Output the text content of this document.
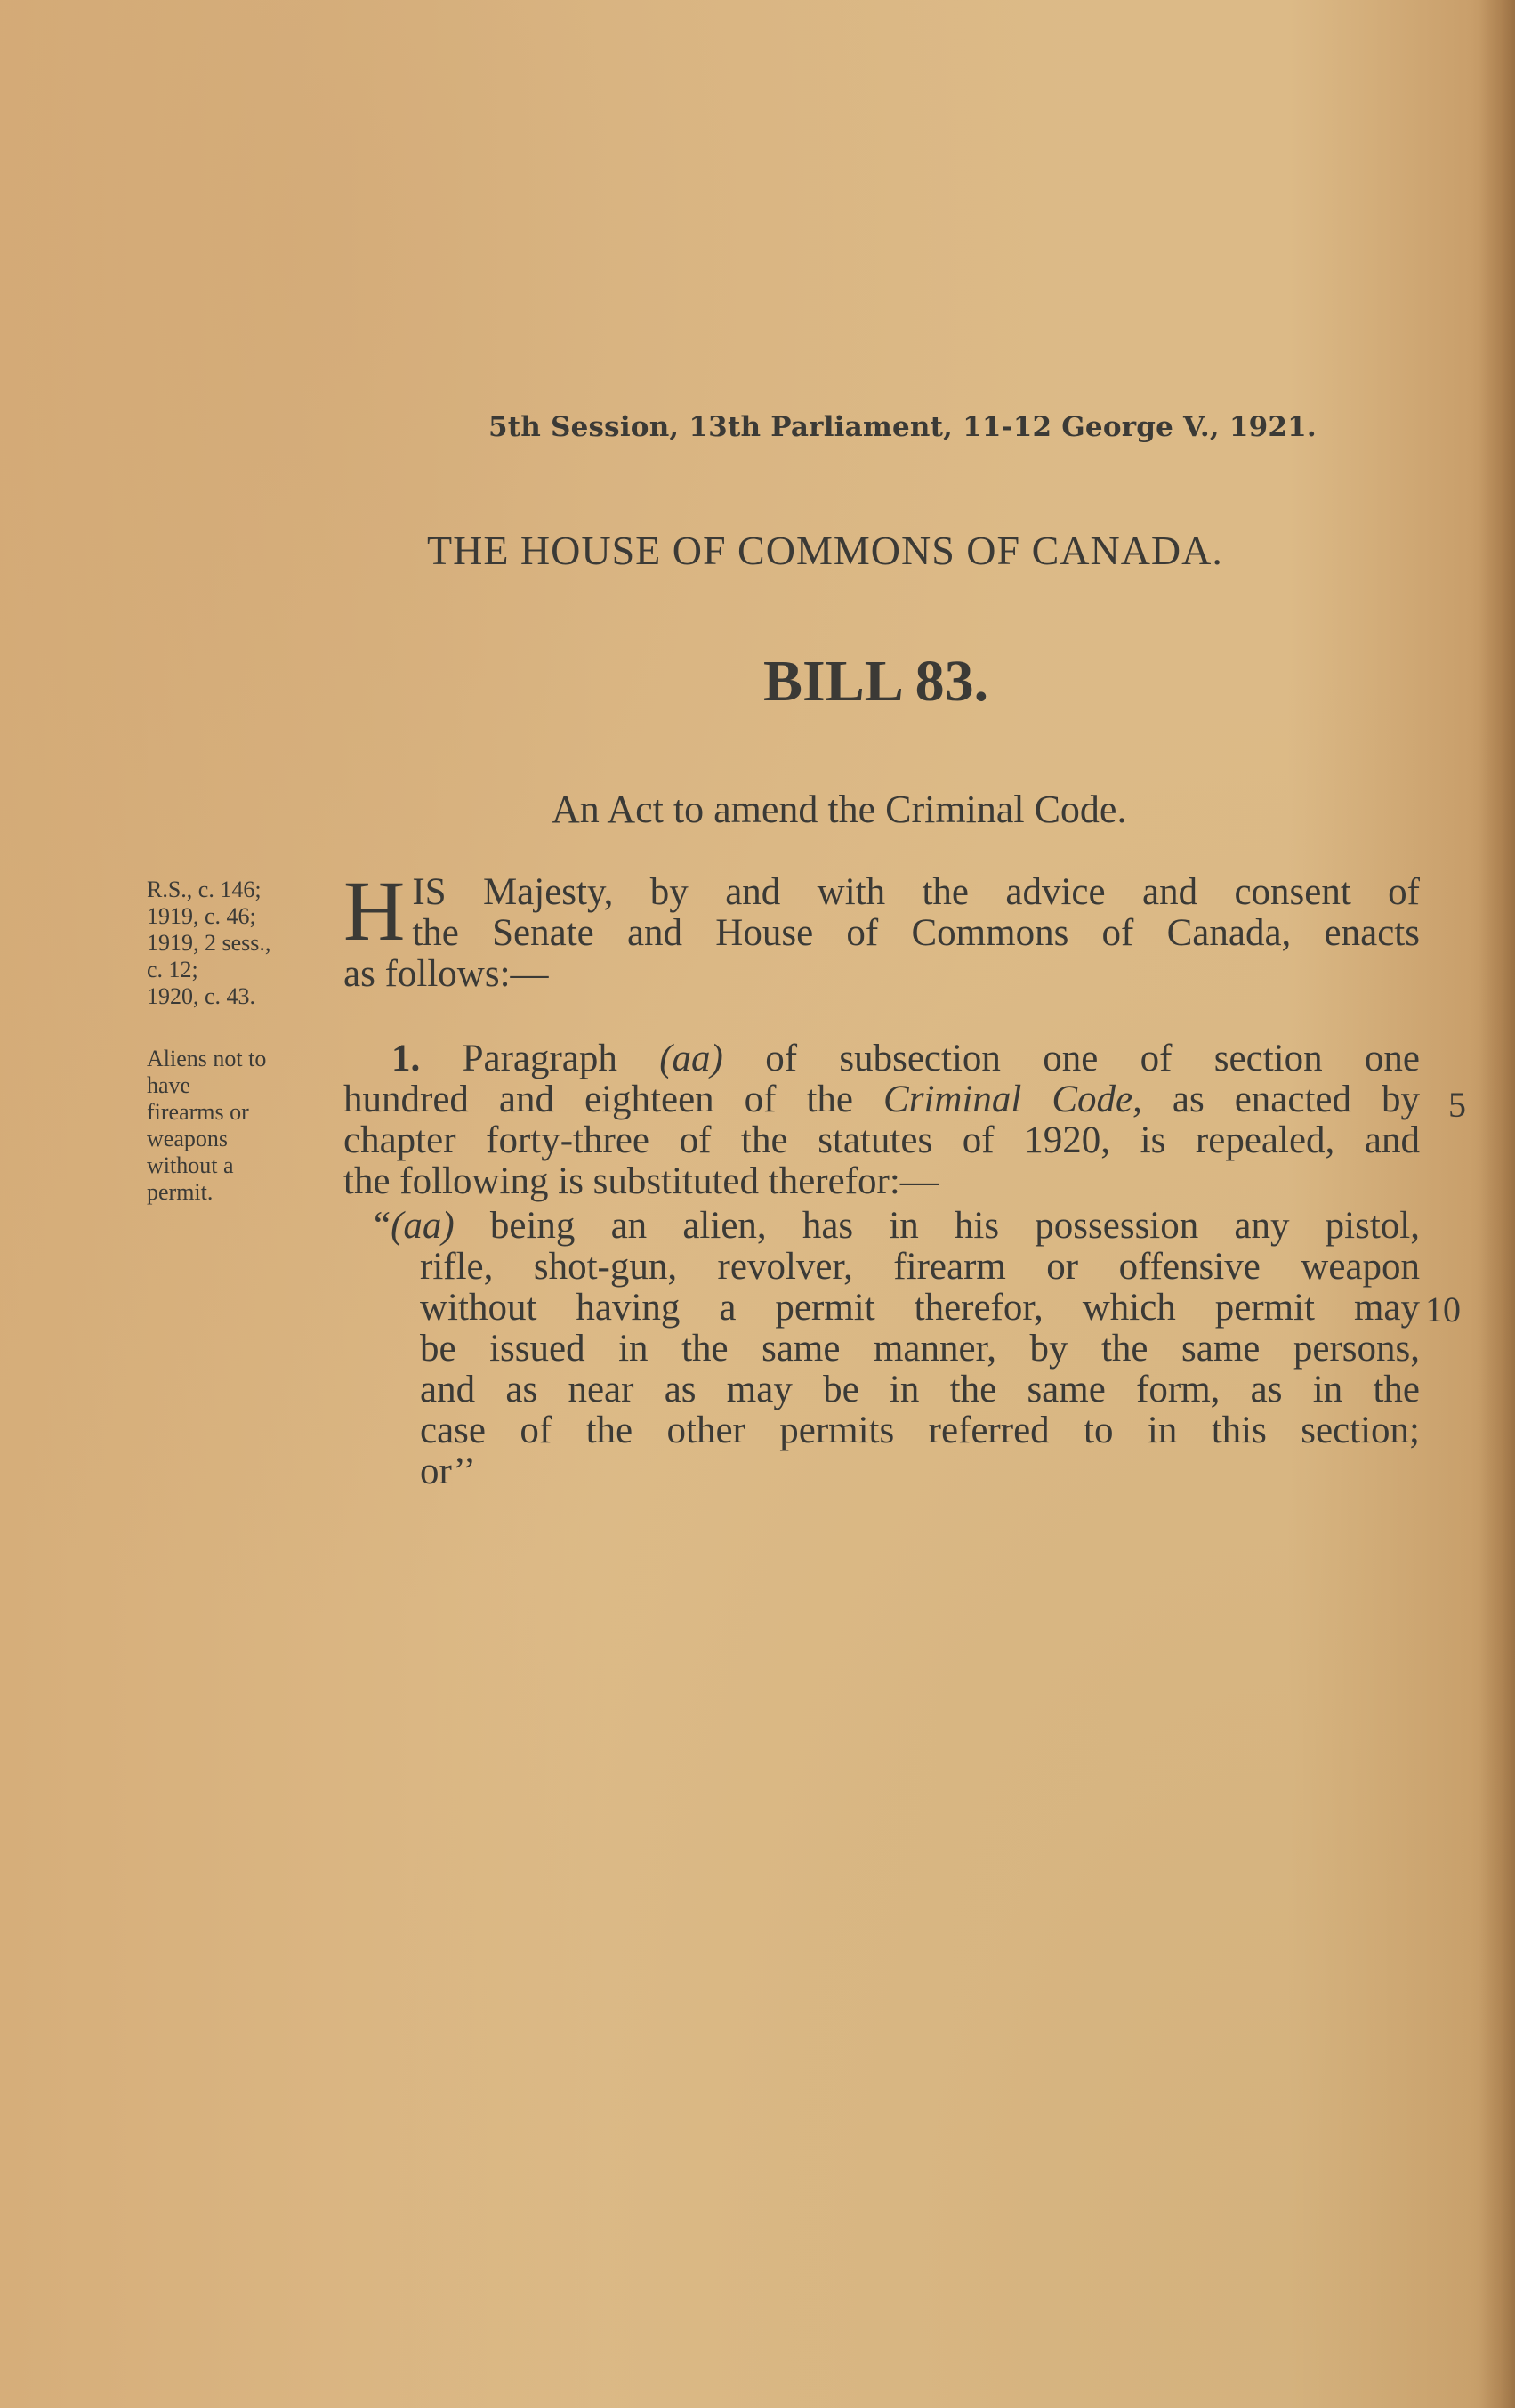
5th Session, 13th Parliament, 11-12 George V., 1921.
THE HOUSE OF COMMONS OF CANADA.
BILL 83.
An Act to amend the Criminal Code.
R.S., c. 146;
1919, c. 46;
1919, 2 sess.,
c. 12;
1920, c. 43.
Aliens not to
have
firearms or
weapons
without a
permit.
H IS Majesty, by and with the advice and consent of
the Senate and House of Commons of Canada, enacts
as follows:—
1. Paragraph (aa) of subsection one of section one
hundred and eighteen of the Criminal Code, as enacted by
chapter forty-three of the statutes of 1920, is repealed, and
the following is substituted therefor:—
“(aa) being an alien, has in his possession any pistol,
rifle, shot-gun, revolver, firearm or offensive weapon
without having a permit therefor, which permit may
be issued in the same manner, by the same persons,
and as near as may be in the same form, as in the
case of the other permits referred to in this section;
or’’
5
10
